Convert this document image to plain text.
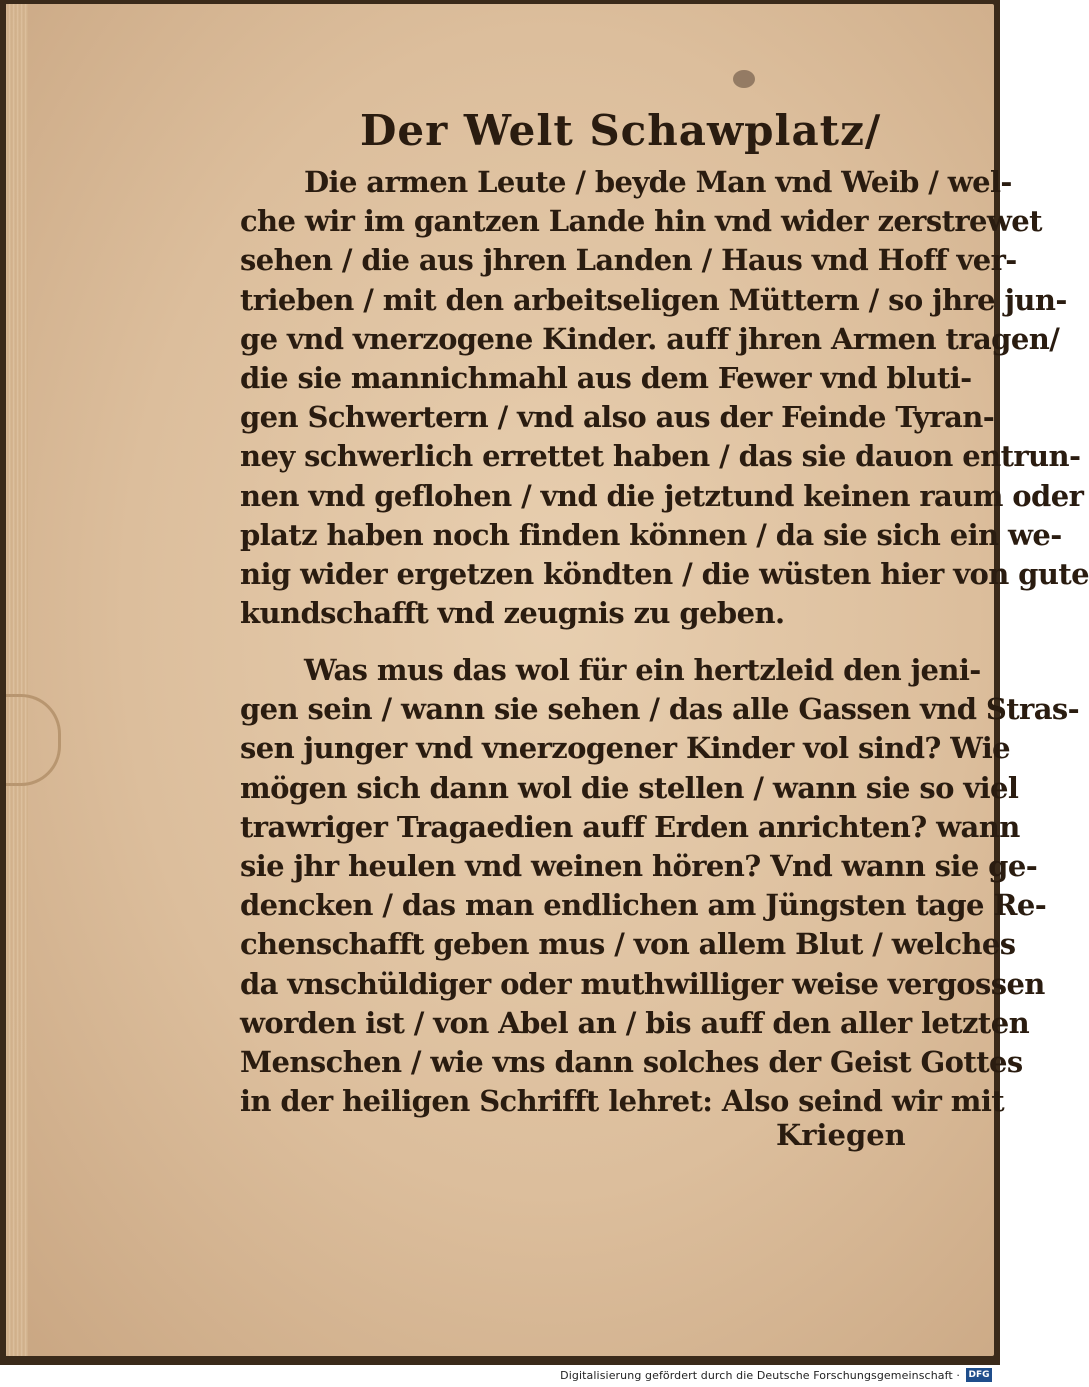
Der Welt Schawplatz/
Die armen Leute / beyde Man vnd Weib / wel-
che wir im gantzen Lande hin vnd wider zerstrewet
sehen / die aus jhren Landen / Haus vnd Hoff ver-
trieben / mit den arbeitseligen Müttern / so jhre jun-
ge vnd vnerzogene Kinder. auff jhren Armen tragen/
die sie mannichmahl aus dem Fewer vnd bluti-
gen Schwertern / vnd also aus der Feinde Tyran-
ney schwerlich errettet haben / das sie dauon entrun-
nen vnd geflohen / vnd die jetztund keinen raum oder
platz haben noch finden können / da sie sich ein we-
nig wider ergetzen köndten / die wüsten hier von gute
kundschafft vnd zeugnis zu geben.
Was mus das wol für ein hertzleid den jeni-
gen sein / wann sie sehen / das alle Gassen vnd Stras-
sen junger vnd vnerzogener Kinder vol sind? Wie
mögen sich dann wol die stellen / wann sie so viel
trawriger Tragaedien auff Erden anrichten? wann
sie jhr heulen vnd weinen hören? Vnd wann sie ge-
dencken / das man endlichen am Jüngsten tage Re-
chenschafft geben mus / von allem Blut / welches
da vnschüldiger oder muthwilliger weise vergossen
worden ist / von Abel an / bis auff den aller letzten
Menschen / wie vns dann solches der Geist Gottes
in der heiligen Schrifft lehret: Also seind wir mit
Kriegen
Digitalisierung gefördert durch die Deutsche Forschungsgemeinschaft · DFG
